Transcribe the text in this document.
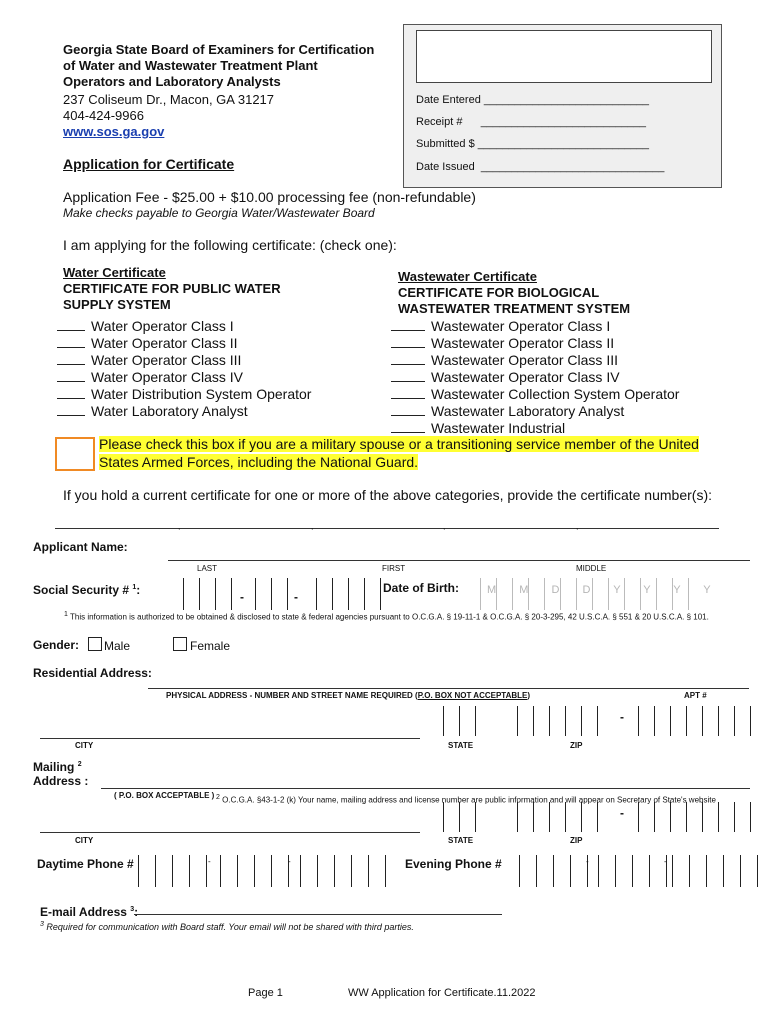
Georgia State Board of Examiners for Certification
of Water and Wastewater Treatment Plant
Operators and Laboratory Analysts
237 Coliseum Dr., Macon, GA 31217
404-424-9966
www.sos.ga.gov
Application for Certificate
Date Entered ___________________________
Receipt #      ___________________________
Submitted $ ____________________________
Date Issued  ______________________________
Application Fee - $25.00 + $10.00 processing fee (non-refundable)
Make checks payable to Georgia Water/Wastewater Board
I am applying for the following certificate: (check one):
Water Certificate
CERTIFICATE FOR PUBLIC WATER
SUPPLY SYSTEM
Water Operator Class I
Water Operator Class II
Water Operator Class III
Water Operator Class IV
Water Distribution System Operator
Water Laboratory Analyst
Wastewater Certificate
CERTIFICATE FOR BIOLOGICAL
WASTEWATER TREATMENT SYSTEM
Wastewater Operator Class I
Wastewater Operator Class II
Wastewater Operator Class III
Wastewater Operator Class IV
Wastewater Collection System Operator
Wastewater Laboratory Analyst
Wastewater Industrial
Please check this box if you are a military spouse or a transitioning service member of the United
States Armed Forces, including the National Guard.
If you hold a current certificate for one or more of the above categories, provide the certificate number(s):
,	,	,	,
Applicant Name:
LAST	FIRST	MIDDLE
Social Security # $^1$:	-	-
Date of Birth:	M M D D Y Y Y Y
$^1$ This information is authorized to be obtained & disclosed to state & federal agencies pursuant to O.C.G.A. § 19-11-1 & O.C.G.A. § 20-3-295, 42 U.S.C.A. § 551 & 20 U.S.C.A. § 101.
Gender: Male	Female
Residential Address:
PHYSICAL ADDRESS - NUMBER AND STREET NAME REQUIRED (P.O. BOX NOT ACCEPTABLE)	APT #
-
CITY	STATE	ZIP
Mailing $^2$
Address :
( P.O. BOX ACCEPTABLE ) $^2$ O.C.G.A. §43-1-2 (k) Your name, mailing address and license number are public information and will appear on Secretary of State's website
-
CITY	STATE	ZIP
Daytime Phone #	-	-	Evening Phone #	-	-
E-mail Address $^3$:
$^3$ Required for communication with Board staff. Your email will not be shared with third parties.
Page 1	WW Application for Certificate.11.2022
